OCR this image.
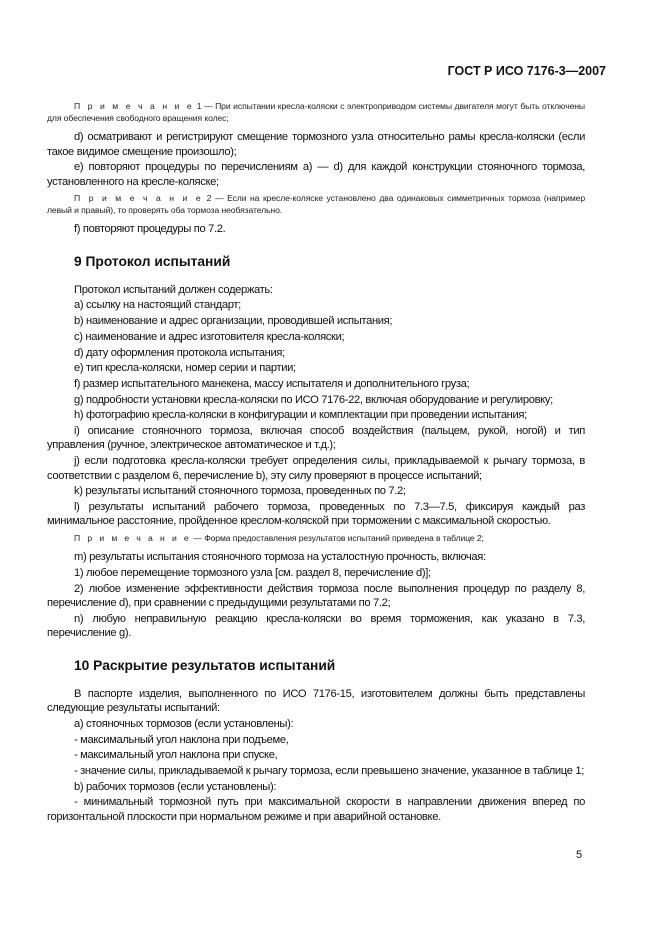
ГОСТ Р ИСО 7176-3—2007
П р и м е ч а н и е 1 — При испытании кресла-коляски с электроприводом системы двигателя могут быть отключены для обеспечения свободного вращения колес;

d) осматривают и регистрируют смещение тормозного узла относительно рамы кресла-коляски (если такое видимое смещение произошло);

e) повторяют процедуры по перечислениям a) — d) для каждой конструкции стояночного тормоза, установленного на кресле-коляске;

П р и м е ч а н и е 2 — Если на кресле-коляске установлено два одинаковых симметричных тормоза (например левый и правый), то проверять оба тормоза необязательно.

f) повторяют процедуры по 7.2.

9 Протокол испытаний

Протокол испытаний должен содержать:

a) ссылку на настоящий стандарт;

b) наименование и адрес организации, проводившей испытания;

c) наименование и адрес изготовителя кресла-коляски;

d) дату оформления протокола испытания;

e) тип кресла-коляски, номер серии и партии;

f) размер испытательного манекена, массу испытателя и дополнительного груза;

g) подробности установки кресла-коляски по ИСО 7176-22, включая оборудование и регулировку;

h) фотографию кресла-коляски в конфигурации и комплектации при проведении испытания;

i) описание стояночного тормоза, включая способ воздействия (пальцем, рукой, ногой) и тип управления (ручное, электрическое автоматическое и т.д.);

j) если подготовка кресла-коляски требует определения силы, прикладываемой к рычагу тормоза, в соответствии с разделом 6, перечисление b), эту силу проверяют в процессе испытаний;

k) результаты испытаний стояночного тормоза, проведенных по 7.2;

l) результаты испытаний рабочего тормоза, проведенных по 7.3—7.5, фиксируя каждый раз минимальное расстояние, пройденное креслом-коляской при торможении с максимальной скоростью.

П р и м е ч а н и е — Форма предоставления результатов испытаний приведена в таблице 2;

m) результаты испытания стояночного тормоза на усталостную прочность, включая:

1) любое перемещение тормозного узла [см. раздел 8, перечисление d)];

2) любое изменение эффективности действия тормоза после выполнения процедур по разделу 8, перечисление d), при сравнении с предыдущими результатами по 7.2;

n) любую неправильную реакцию кресла-коляски во время торможения, как указано в 7.3, перечисление g).

10 Раскрытие результатов испытаний

В паспорте изделия, выполненного по ИСО 7176-15, изготовителем должны быть представлены следующие результаты испытаний:

a) стояночных тормозов (если установлены):

- максимальный угол наклона при подъеме,

- максимальный угол наклона при спуске,

- значение силы, прикладываемой к рычагу тормоза, если превышено значение, указанное в таблице 1;

b) рабочих тормозов (если установлены):

- минимальный тормозной путь при максимальной скорости в направлении движения вперед по горизонтальной плоскости при нормальном режиме и при аварийной остановке.

5
